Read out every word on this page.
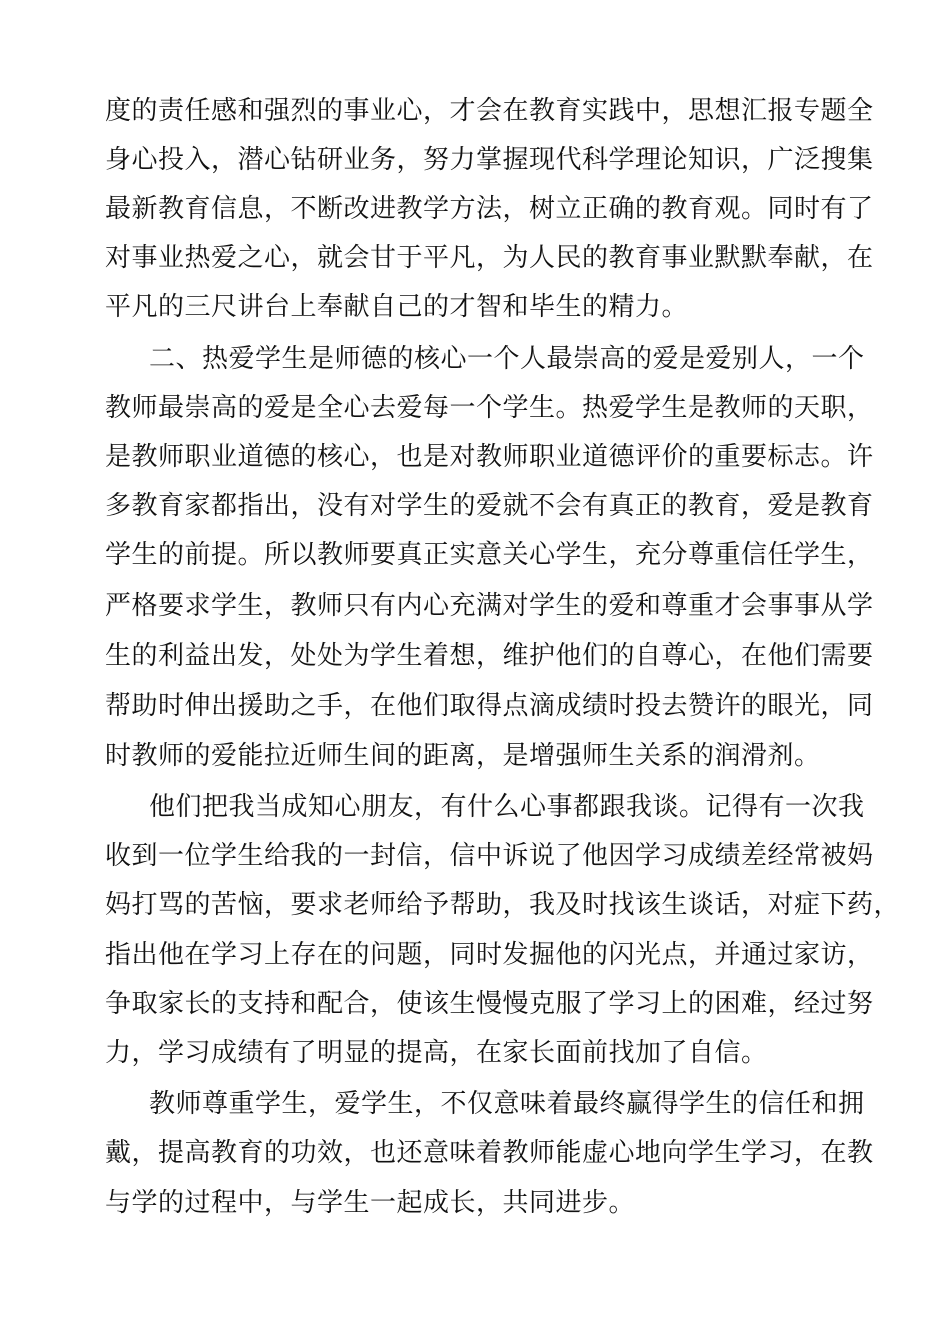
度的责任感和强烈的事业心，才会在教育实践中，思想汇报专题全
身心投入，潜心钻研业务，努力掌握现代科学理论知识，广泛搜集
最新教育信息，不断改进教学方法，树立正确的教育观。同时有了
对事业热爱之心，就会甘于平凡，为人民的教育事业默默奉献，在
平凡的三尺讲台上奉献自己的才智和毕生的精力。
二、热爱学生是师德的核心一个人最崇高的爱是爱别人，一个
教师最崇高的爱是全心去爱每一个学生。热爱学生是教师的天职，
是教师职业道德的核心，也是对教师职业道德评价的重要标志。许
多教育家都指出，没有对学生的爱就不会有真正的教育，爱是教育
学生的前提。所以教师要真正实意关心学生，充分尊重信任学生，
严格要求学生，教师只有内心充满对学生的爱和尊重才会事事从学
生的利益出发，处处为学生着想，维护他们的自尊心，在他们需要
帮助时伸出援助之手，在他们取得点滴成绩时投去赞许的眼光，同
时教师的爱能拉近师生间的距离，是增强师生关系的润滑剂。
他们把我当成知心朋友，有什么心事都跟我谈。记得有一次我
收到一位学生给我的一封信，信中诉说了他因学习成绩差经常被妈
妈打骂的苦恼，要求老师给予帮助，我及时找该生谈话，对症下药，
指出他在学习上存在的问题，同时发掘他的闪光点，并通过家访，
争取家长的支持和配合，使该生慢慢克服了学习上的困难，经过努
力，学习成绩有了明显的提高，在家长面前找加了自信。
教师尊重学生，爱学生，不仅意味着最终赢得学生的信任和拥
戴，提高教育的功效，也还意味着教师能虚心地向学生学习，在教
与学的过程中，与学生一起成长，共同进步。
